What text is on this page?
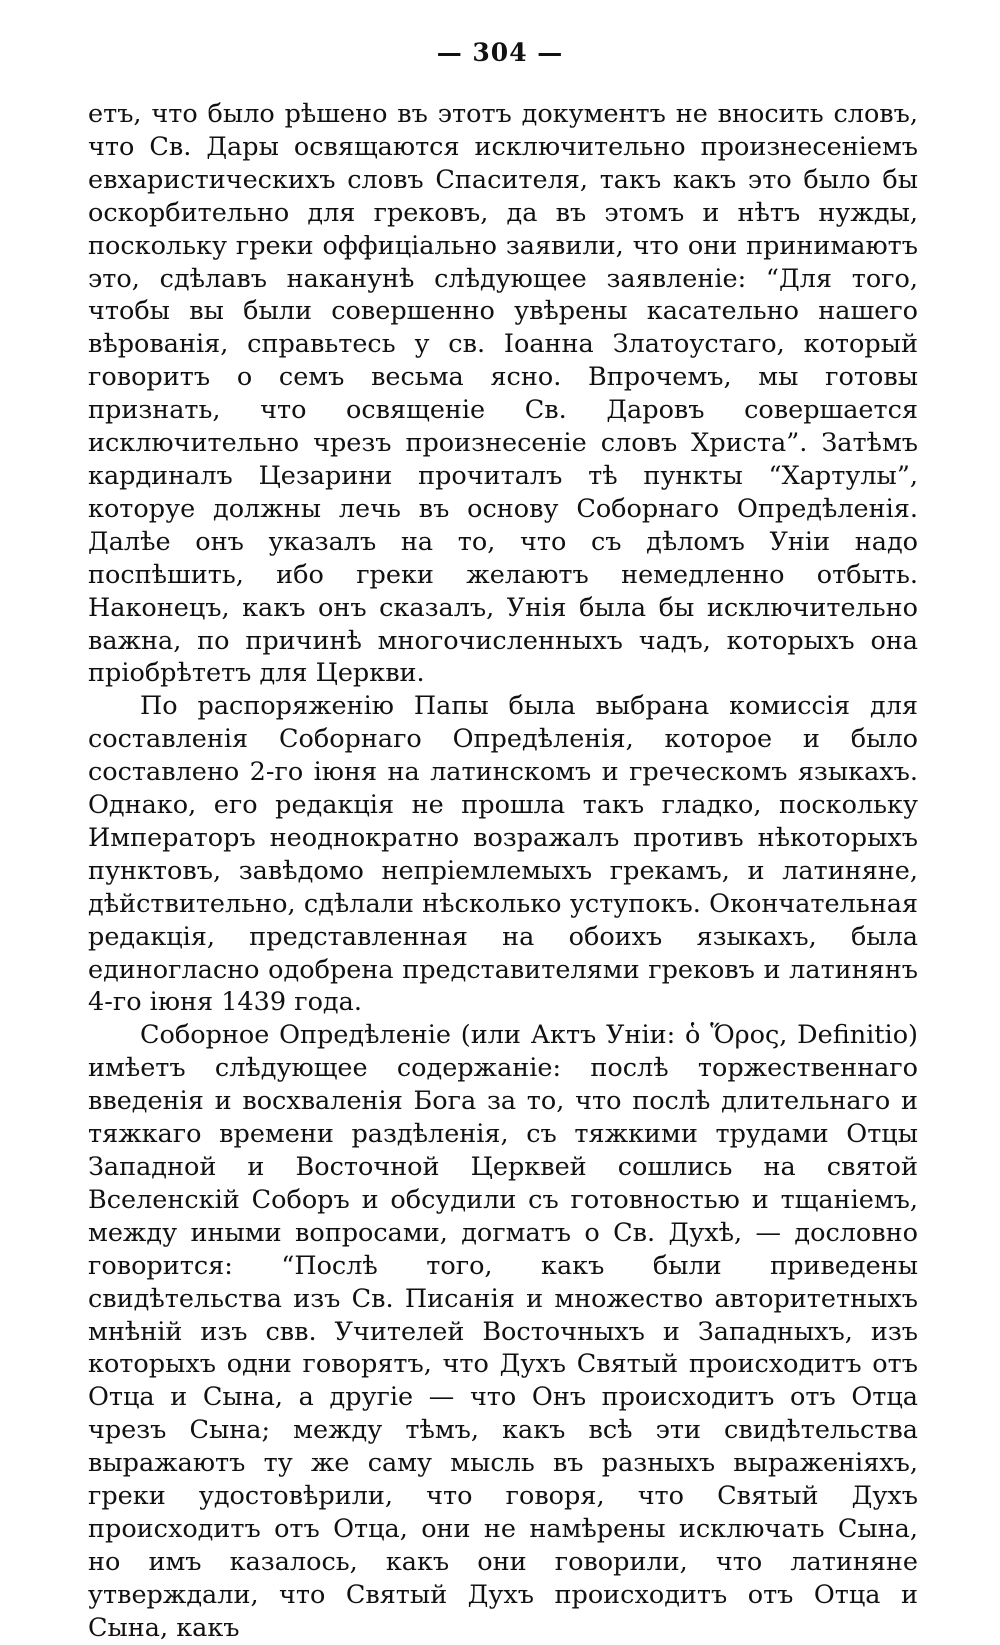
— 304 —

етъ, что было рѣшено въ этотъ документъ не вносить словъ, что Св. Дары освящаются исключительно произнесеніемъ евхаристическихъ словъ Спасителя, такъ какъ это было бы оскорбительно для грековъ, да въ этомъ и нѣтъ нужды, поскольку греки оффиціально заявили, что они принимаютъ это, сдѣлавъ наканунѣ слѣдующее заявленіе: “Для того, чтобы вы были совершенно увѣрены касательно нашего вѣрованія, справьтесь у св. Іоанна Златоустаго, который говоритъ о семъ весьма ясно. Впрочемъ, мы готовы признать, что освященіе Св. Даровъ совершается исключительно чрезъ произнесеніе словъ Христа”. Затѣмъ кардиналъ Цезарини прочиталъ тѣ пункты “Хартулы”, которуе должны лечь въ основу Соборнаго Опредѣленія. Далѣе онъ указалъ на то, что съ дѣломъ Уніи надо поспѣшить, ибо греки желаютъ немедленно отбыть. Наконецъ, какъ онъ сказалъ, Унія была бы исключительно важна, по причинѣ многочисленныхъ чадъ, которыхъ она пріобрѣтетъ для Церкви.

По распоряженію Папы была выбрана комиссія для составленія Соборнаго Опредѣленія, которое и было составлено 2-го іюня на латинскомъ и греческомъ языкахъ. Однако, его редакція не прошла такъ гладко, поскольку Императоръ неоднократно возражалъ противъ нѣкоторыхъ пунктовъ, завѣдомо непріемлемыхъ грекамъ, и латиняне, дѣйствительно, сдѣлали нѣсколько уступокъ. Окончательная редакція, представленная на обоихъ языкахъ, была единогласно одобрена представителями грековъ и латинянъ 4-го іюня 1439 года.

Соборное Опредѣленіе (или Актъ Уніи: ὁ Ὅρος, Definitio) имѣетъ слѣдующее содержаніе: послѣ торжественнаго введенія и восхваленія Бога за то, что послѣ длительнаго и тяжкаго времени раздѣленія, съ тяжкими трудами Отцы Западной и Восточной Церквей сошлись на святой Вселенскій Соборъ и обсудили съ готовностью и тщаніемъ, между иными вопросами, догматъ о Св. Духѣ, — дословно говорится: “Послѣ того, какъ были приведены свидѣтельства изъ Св. Писанія и множество авторитетныхъ мнѣній изъ свв. Учителей Восточныхъ и Западныхъ, изъ которыхъ одни говорятъ, что Духъ Святый происходитъ отъ Отца и Сына, а другіе — что Онъ происходитъ отъ Отца чрезъ Сына; между тѣмъ, какъ всѣ эти свидѣтельства выражаютъ ту же саму мысль въ разныхъ выраженіяхъ, греки удостовѣрили, что говоря, что Святый Духъ происходитъ отъ Отца, они не намѣрены исключать Сына, но имъ казалось, какъ они говорили, что латиняне утверждали, что Святый Духъ происходитъ отъ Отца и Сына, какъ
